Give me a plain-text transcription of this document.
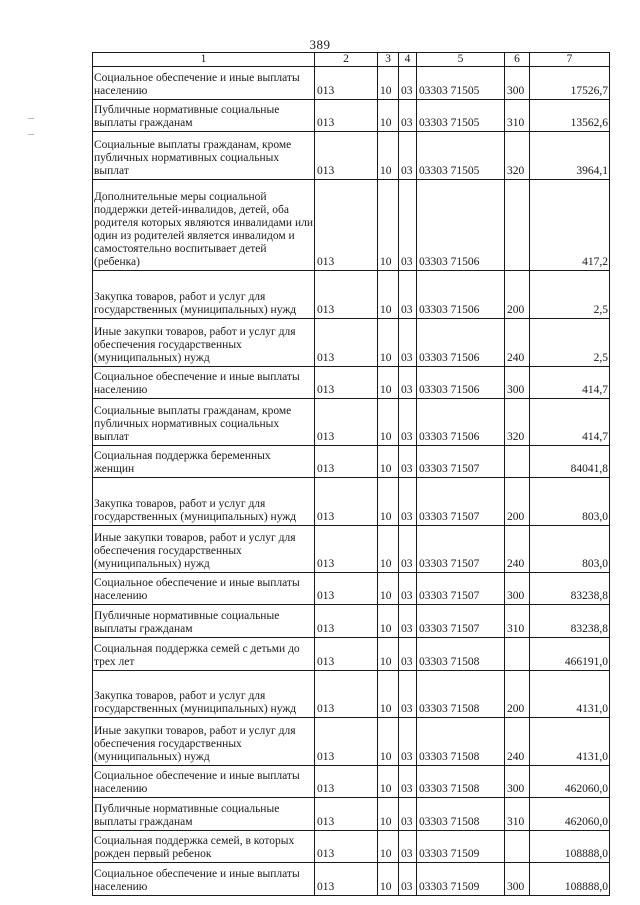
389
1	2	3	4	5	6	7
Социальное обеспечение и иные выплаты населению	013	10	03	03303 71505	300	17526,7
Публичные нормативные социальные выплаты гражданам	013	10	03	03303 71505	310	13562,6
Социальные выплаты гражданам, кроме публичных нормативных социальных выплат	013	10	03	03303 71505	320	3964,1
Дополнительные меры социальной поддержки детей-инвалидов, детей, оба родителя которых являются инвалидами или один из родителей является инвалидом и самостоятельно воспитывает детей (ребенка)	013	10	03	03303 71506		417,2
Закупка товаров, работ и услуг для государственных (муниципальных) нужд	013	10	03	03303 71506	200	2,5
Иные закупки товаров, работ и услуг для обеспечения государственных (муниципальных) нужд	013	10	03	03303 71506	240	2,5
Социальное обеспечение и иные выплаты населению	013	10	03	03303 71506	300	414,7
Социальные выплаты гражданам, кроме публичных нормативных социальных выплат	013	10	03	03303 71506	320	414,7
Социальная поддержка беременных женщин	013	10	03	03303 71507		84041,8
Закупка товаров, работ и услуг для государственных (муниципальных) нужд	013	10	03	03303 71507	200	803,0
Иные закупки товаров, работ и услуг для обеспечения государственных (муниципальных) нужд	013	10	03	03303 71507	240	803,0
Социальное обеспечение и иные выплаты населению	013	10	03	03303 71507	300	83238,8
Публичные нормативные социальные выплаты гражданам	013	10	03	03303 71507	310	83238,8
Социальная поддержка семей с детьми до трех лет	013	10	03	03303 71508		466191,0
Закупка товаров, работ и услуг для государственных (муниципальных) нужд	013	10	03	03303 71508	200	4131,0
Иные закупки товаров, работ и услуг для обеспечения государственных (муниципальных) нужд	013	10	03	03303 71508	240	4131,0
Социальное обеспечение и иные выплаты населению	013	10	03	03303 71508	300	462060,0
Публичные нормативные социальные выплаты гражданам	013	10	03	03303 71508	310	462060,0
Социальная поддержка семей, в которых рожден первый ребенок	013	10	03	03303 71509		108888,0
Социальное обеспечение и иные выплаты населению	013	10	03	03303 71509	300	108888,0
